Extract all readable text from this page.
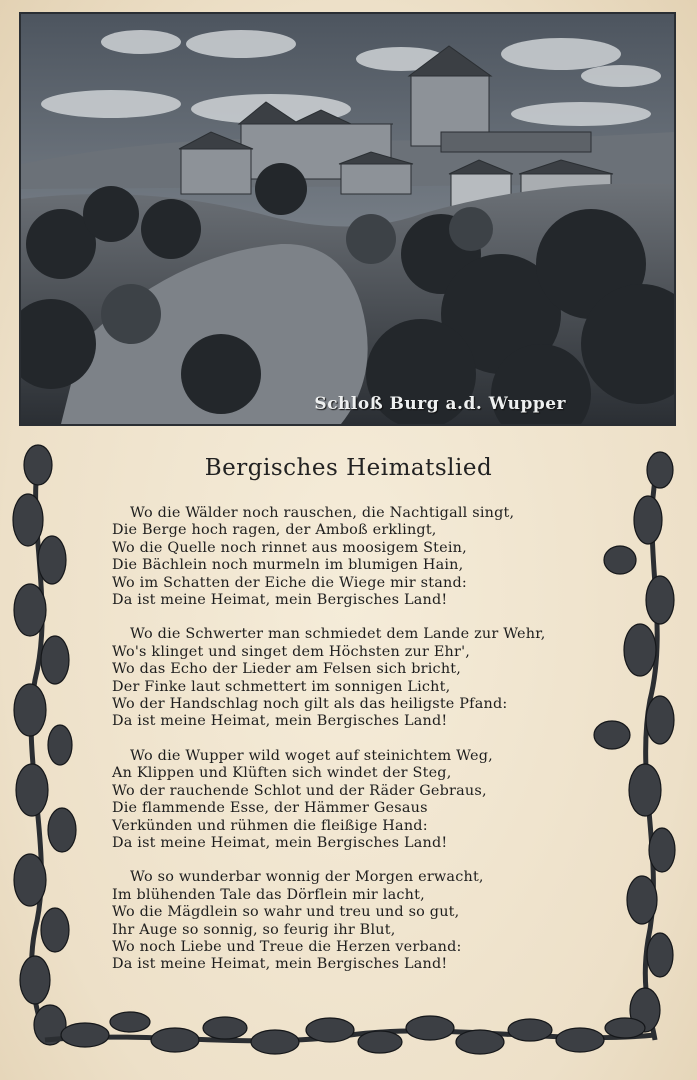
Schloß Burg a.d. Wupper
Bergisches Heimatslied
Wo die Wälder noch rauschen, die Nachtigall singt,
Die Berge hoch ragen, der Amboß erklingt,
Wo die Quelle noch rinnet aus moosigem Stein,
Die Bächlein noch murmeln im blumigen Hain,
Wo im Schatten der Eiche die Wiege mir stand:
Da ist meine Heimat, mein Bergisches Land!
Wo die Schwerter man schmiedet dem Lande zur Wehr,
Wo's klinget und singet dem Höchsten zur Ehr',
Wo das Echo der Lieder am Felsen sich bricht,
Der Finke laut schmettert im sonnigen Licht,
Wo der Handschlag noch gilt als das heiligste Pfand:
Da ist meine Heimat, mein Bergisches Land!
Wo die Wupper wild woget auf steinichtem Weg,
An Klippen und Klüften sich windet der Steg,
Wo der rauchende Schlot und der Räder Gebraus,
Die flammende Esse, der Hämmer Gesaus
Verkünden und rühmen die fleißige Hand:
Da ist meine Heimat, mein Bergisches Land!
Wo so wunderbar wonnig der Morgen erwacht,
Im blühenden Tale das Dörflein mir lacht,
Wo die Mägdlein so wahr und treu und so gut,
Ihr Auge so sonnig, so feurig ihr Blut,
Wo noch Liebe und Treue die Herzen verband:
Da ist meine Heimat, mein Bergisches Land!
